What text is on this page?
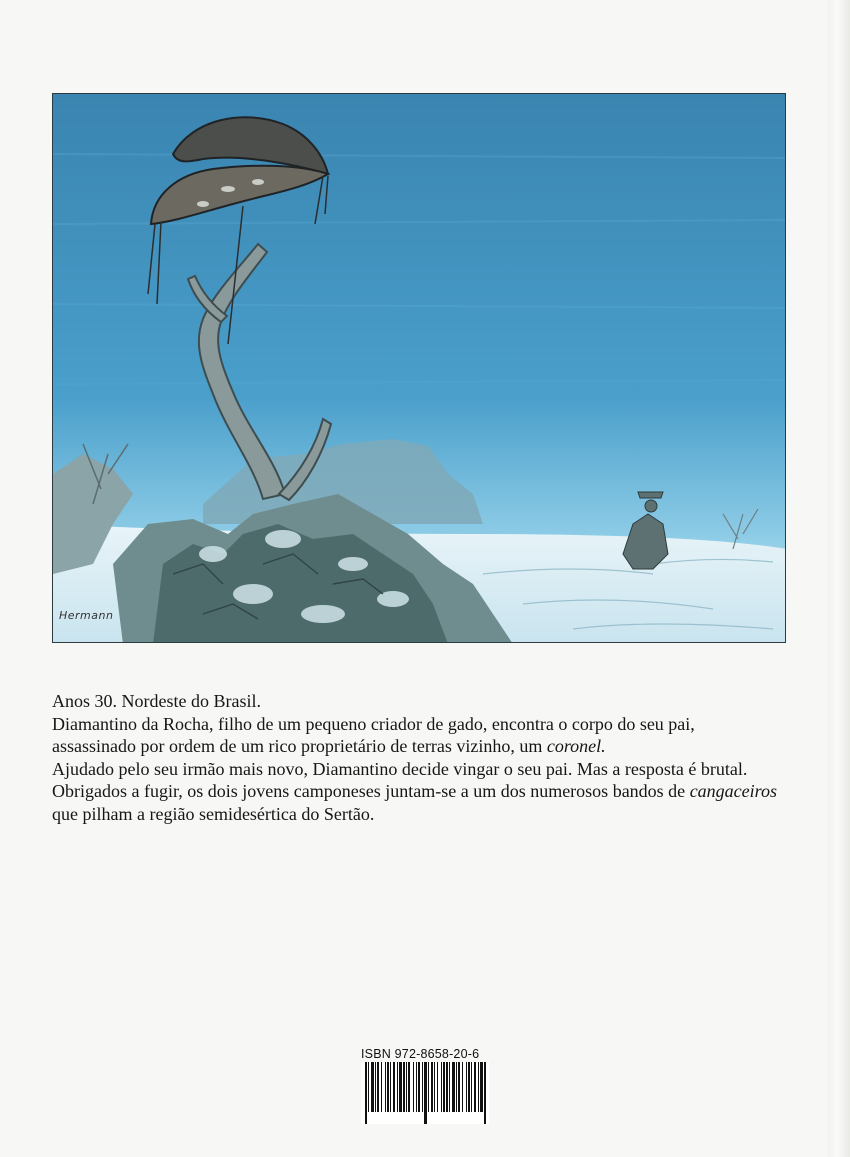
Hermann

Anos 30. Nordeste do Brasil.

Diamantino da Rocha, filho de um pequeno criador de gado, encontra o corpo do seu pai,

assassinado por ordem de um rico proprietário de terras vizinho, um coronel.

Ajudado pelo seu irmão mais novo, Diamantino decide vingar o seu pai. Mas a resposta é brutal.

Obrigados a fugir, os dois jovens camponeses juntam-se a um dos numerosos bandos de cangaceiros

que pilham a região semidesértica do Sertão.

ISBN 972-8658-20-6
